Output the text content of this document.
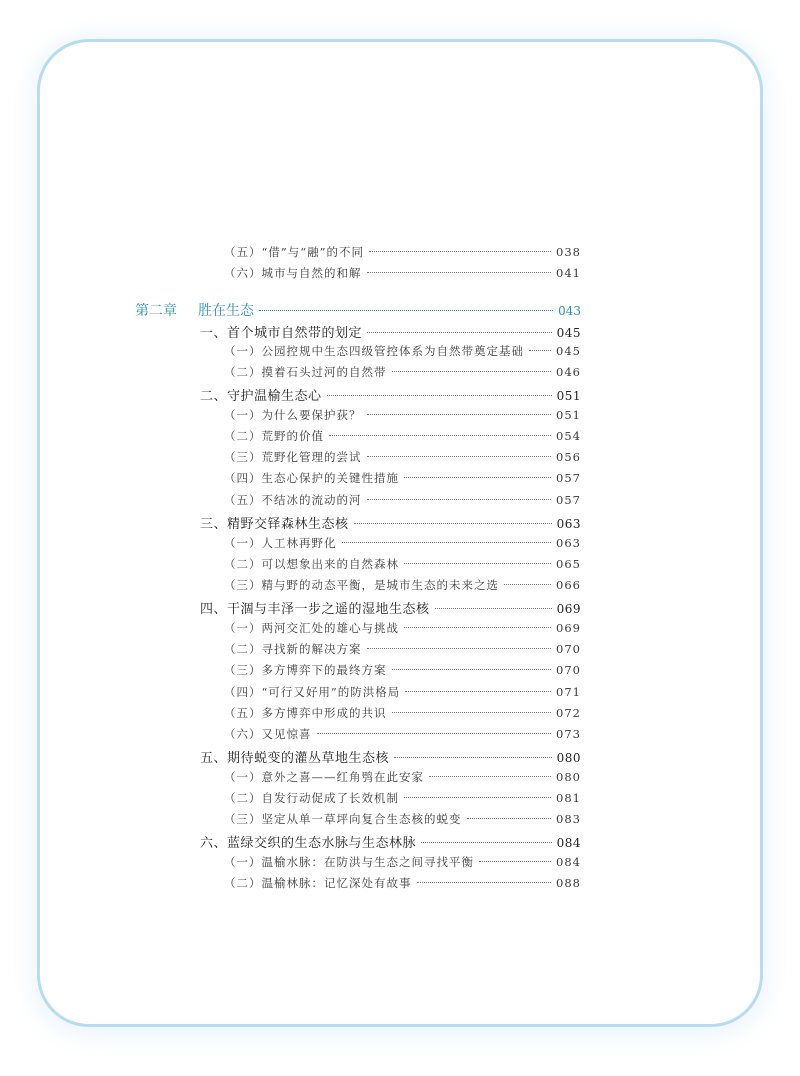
（五）“借”与“融”的不同	038
（六）城市与自然的和解	041
第二章 胜在生态	043
一、首个城市自然带的划定	045
（一）公园控规中生态四级管控体系为自然带奠定基础	045
（二）摸着石头过河的自然带	046
二、守护温榆生态心	051
（一）为什么要保护荻？	051
（二）荒野的价值	054
（三）荒野化管理的尝试	056
（四）生态心保护的关键性措施	057
（五）不结冰的流动的河	057
三、精野交铎森林生态核	063
（一）人工林再野化	063
（二）可以想象出来的自然森林	065
（三）精与野的动态平衡，是城市生态的未来之选	066
四、干涸与丰泽一步之遥的湿地生态核	069
（一）两河交汇处的雄心与挑战	069
（二）寻找新的解决方案	070
（三）多方博弈下的最终方案	070
（四）“可行又好用”的防洪格局	071
（五）多方博弈中形成的共识	072
（六）又见惊喜	073
五、期待蜕变的灌丛草地生态核	080
（一）意外之喜——红角鸮在此安家	080
（二）自发行动促成了长效机制	081
（三）坚定从单一草坪向复合生态核的蜕变	083
六、蓝绿交织的生态水脉与生态林脉	084
（一）温榆水脉：在防洪与生态之间寻找平衡	084
（二）温榆林脉：记忆深处有故事	088
